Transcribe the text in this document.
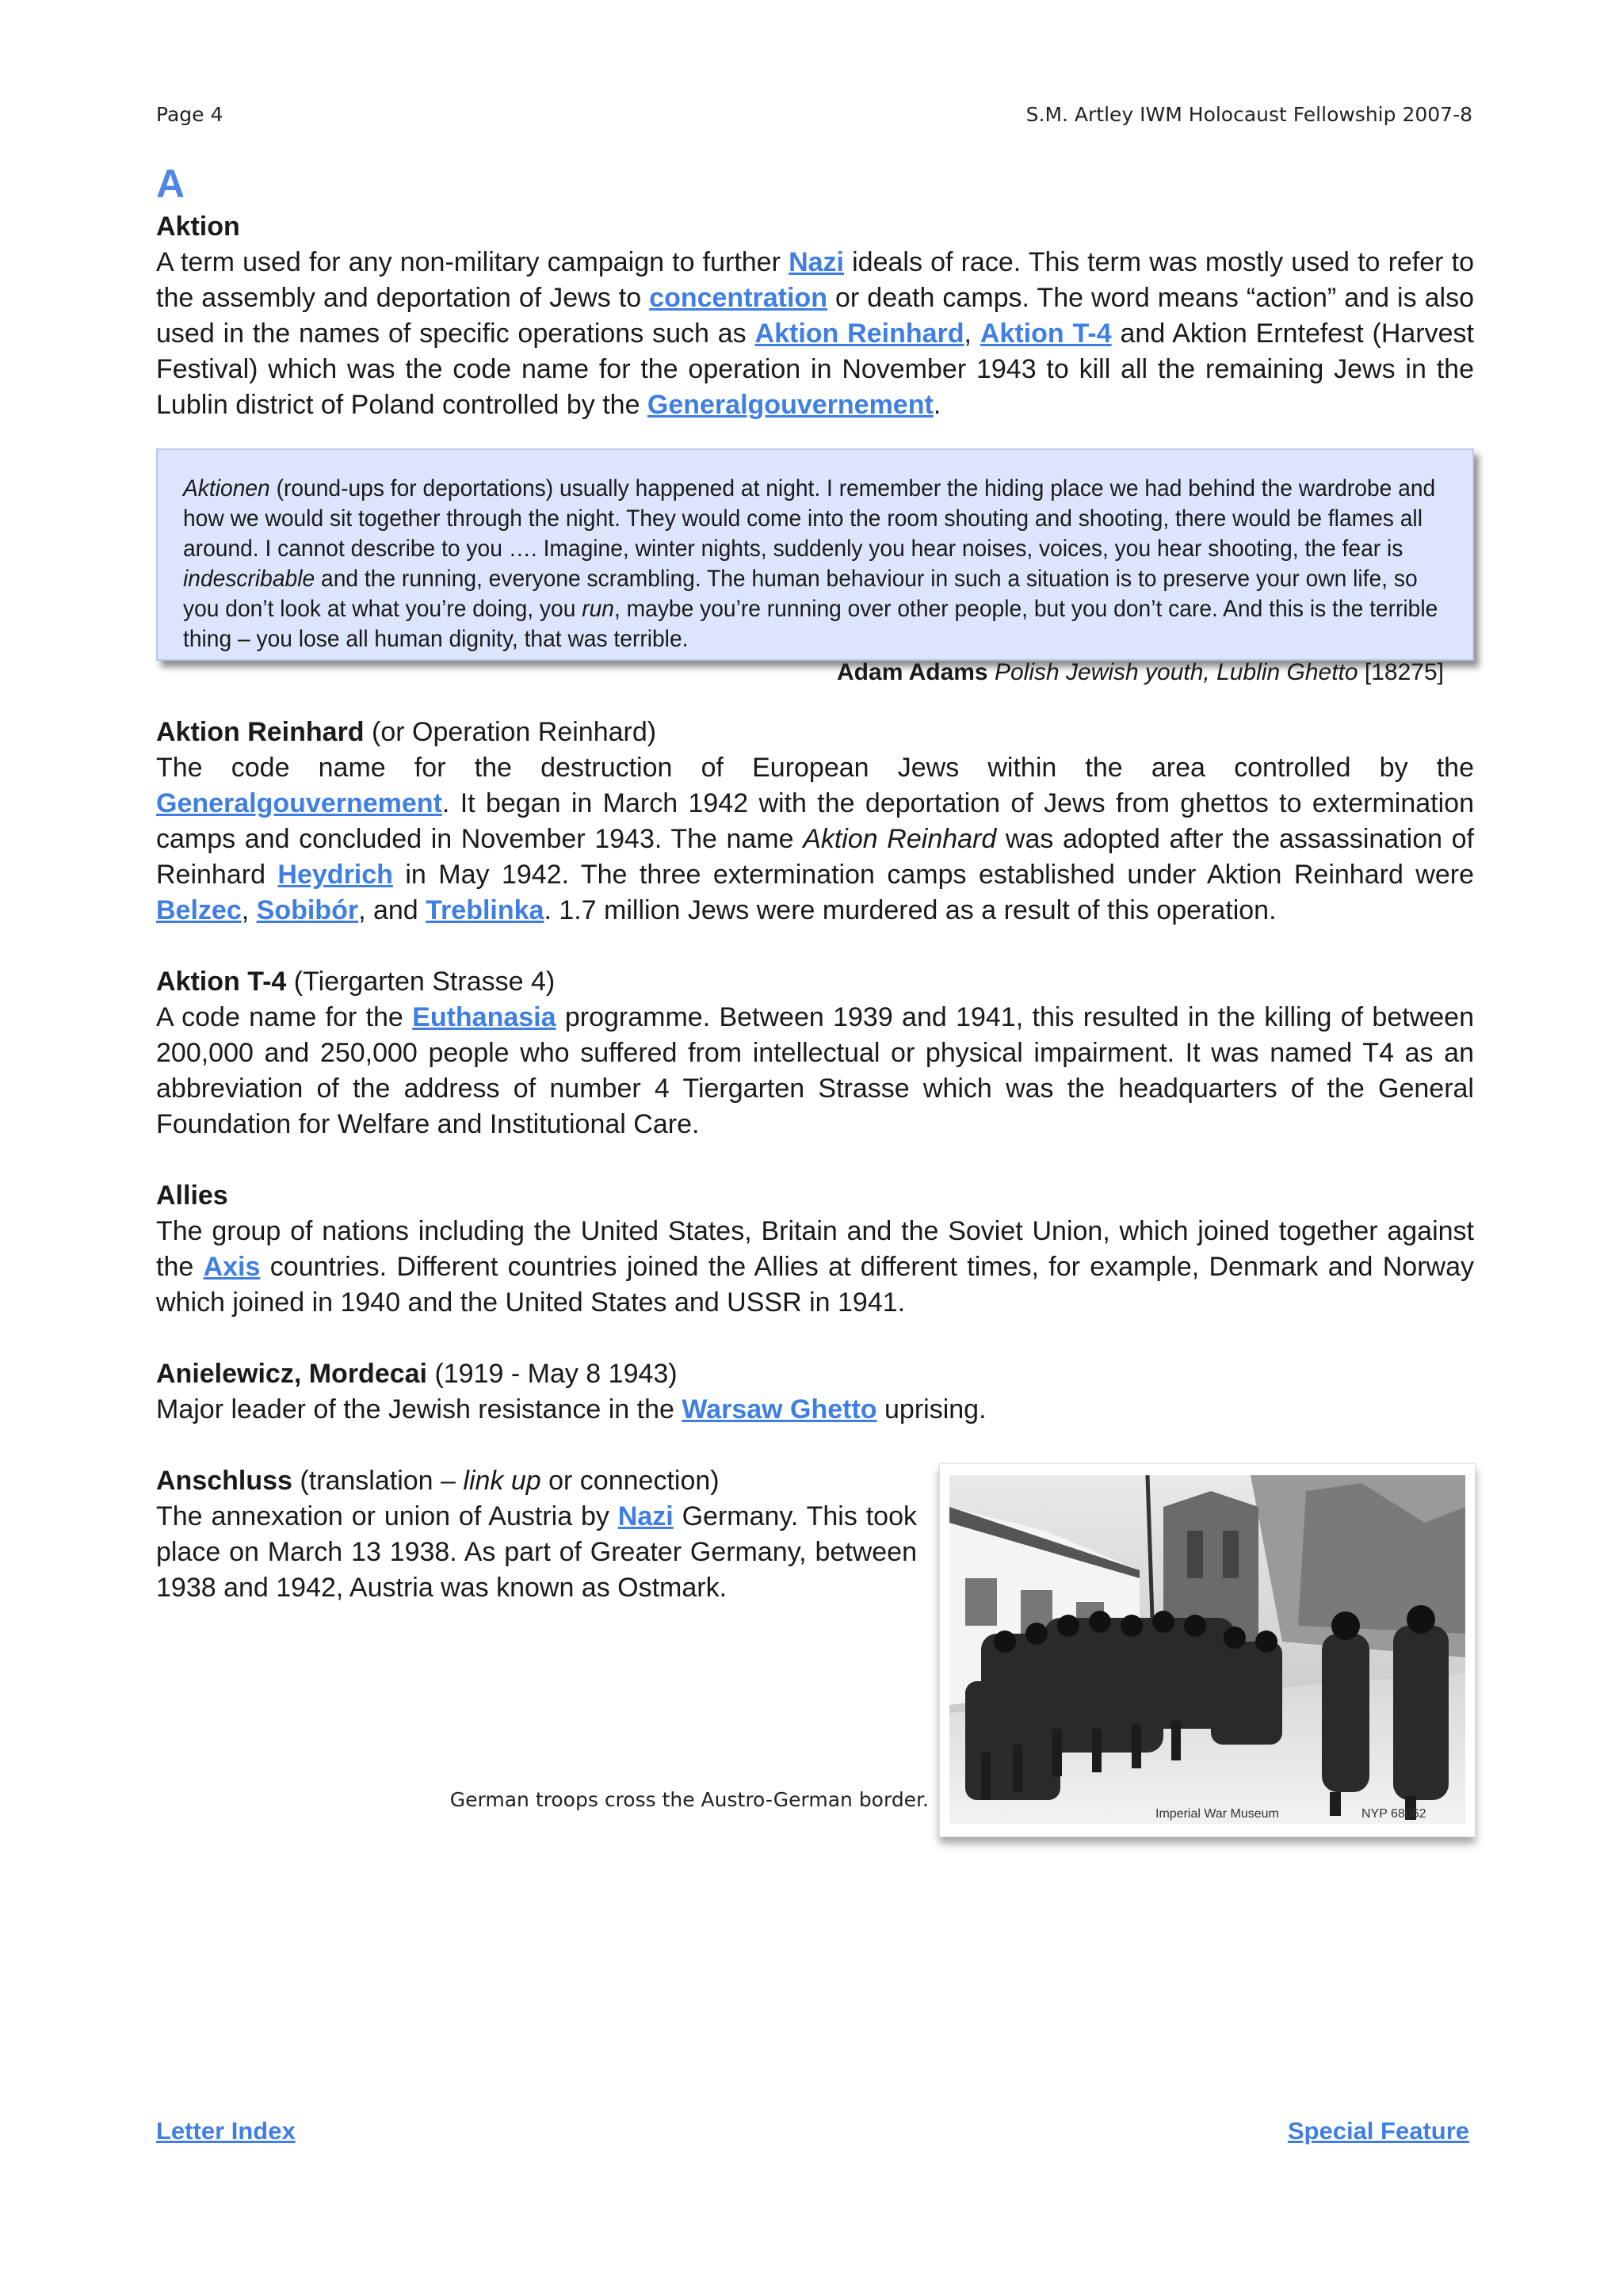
Page 4	S.M. Artley IWM Holocaust Fellowship 2007-8
A

Aktion

A term used for any non-military campaign to further Nazi ideals of race. This term was mostly used to refer to the assembly and deportation of Jews to concentration or death camps. The word means “action” and is also used in the names of specific operations such as Aktion Reinhard, Aktion T-4 and Aktion Erntefest (Harvest Festival) which was the code name for the operation in November 1943 to kill all the remaining Jews in the Lublin district of Poland controlled by the Generalgouvernement.

Aktionen (round-ups for deportations) usually happened at night. I remember the hiding place we had behind the wardrobe and how we would sit together through the night. They would come into the room shouting and shooting, there would be flames all around. I cannot describe to you …. Imagine, winter nights, suddenly you hear noises, voices, you hear shooting, the fear is indescribable and the running, everyone scrambling. The human behaviour in such a situation is to preserve your own life, so you don’t look at what you’re doing, you run, maybe you’re running over other people, but you don’t care. And this is the terrible thing – you lose all human dignity, that was terrible.

Adam Adams Polish Jewish youth, Lublin Ghetto [18275]

Aktion Reinhard (or Operation Reinhard)

The code name for the destruction of European Jews within the area controlled by the Generalgouvernement. It began in March 1942 with the deportation of Jews from ghettos to extermination camps and concluded in November 1943. The name Aktion Reinhard was adopted after the assassination of Reinhard Heydrich in May 1942. The three extermination camps established under Aktion Reinhard were Belzec, Sobibór, and Treblinka. 1.7 million Jews were murdered as a result of this operation.

Aktion T-4 (Tiergarten Strasse 4)

A code name for the Euthanasia programme. Between 1939 and 1941, this resulted in the killing of between 200,000 and 250,000 people who suffered from intellectual or physical impairment. It was named T4 as an abbreviation of the address of number 4 Tiergarten Strasse which was the headquarters of the General Foundation for Welfare and Institutional Care.

Allies

The group of nations including the United States, Britain and the Soviet Union, which joined together against the Axis countries. Different countries joined the Allies at different times, for example, Denmark and Norway which joined in 1940 and the United States and USSR in 1941.

Anielewicz, Mordecai (1919 - May 8 1943)

Major leader of the Jewish resistance in the Warsaw Ghetto uprising.

Anschluss (translation – link up or connection)

The annexation or union of Austria by Nazi Germany. This took place on March 13 1938. As part of Greater Germany, between 1938 and 1942, Austria was known as Ostmark.

German troops cross the Austro-German border.
Imperial War Museum	NYP 68062
Letter Index	Special Feature
